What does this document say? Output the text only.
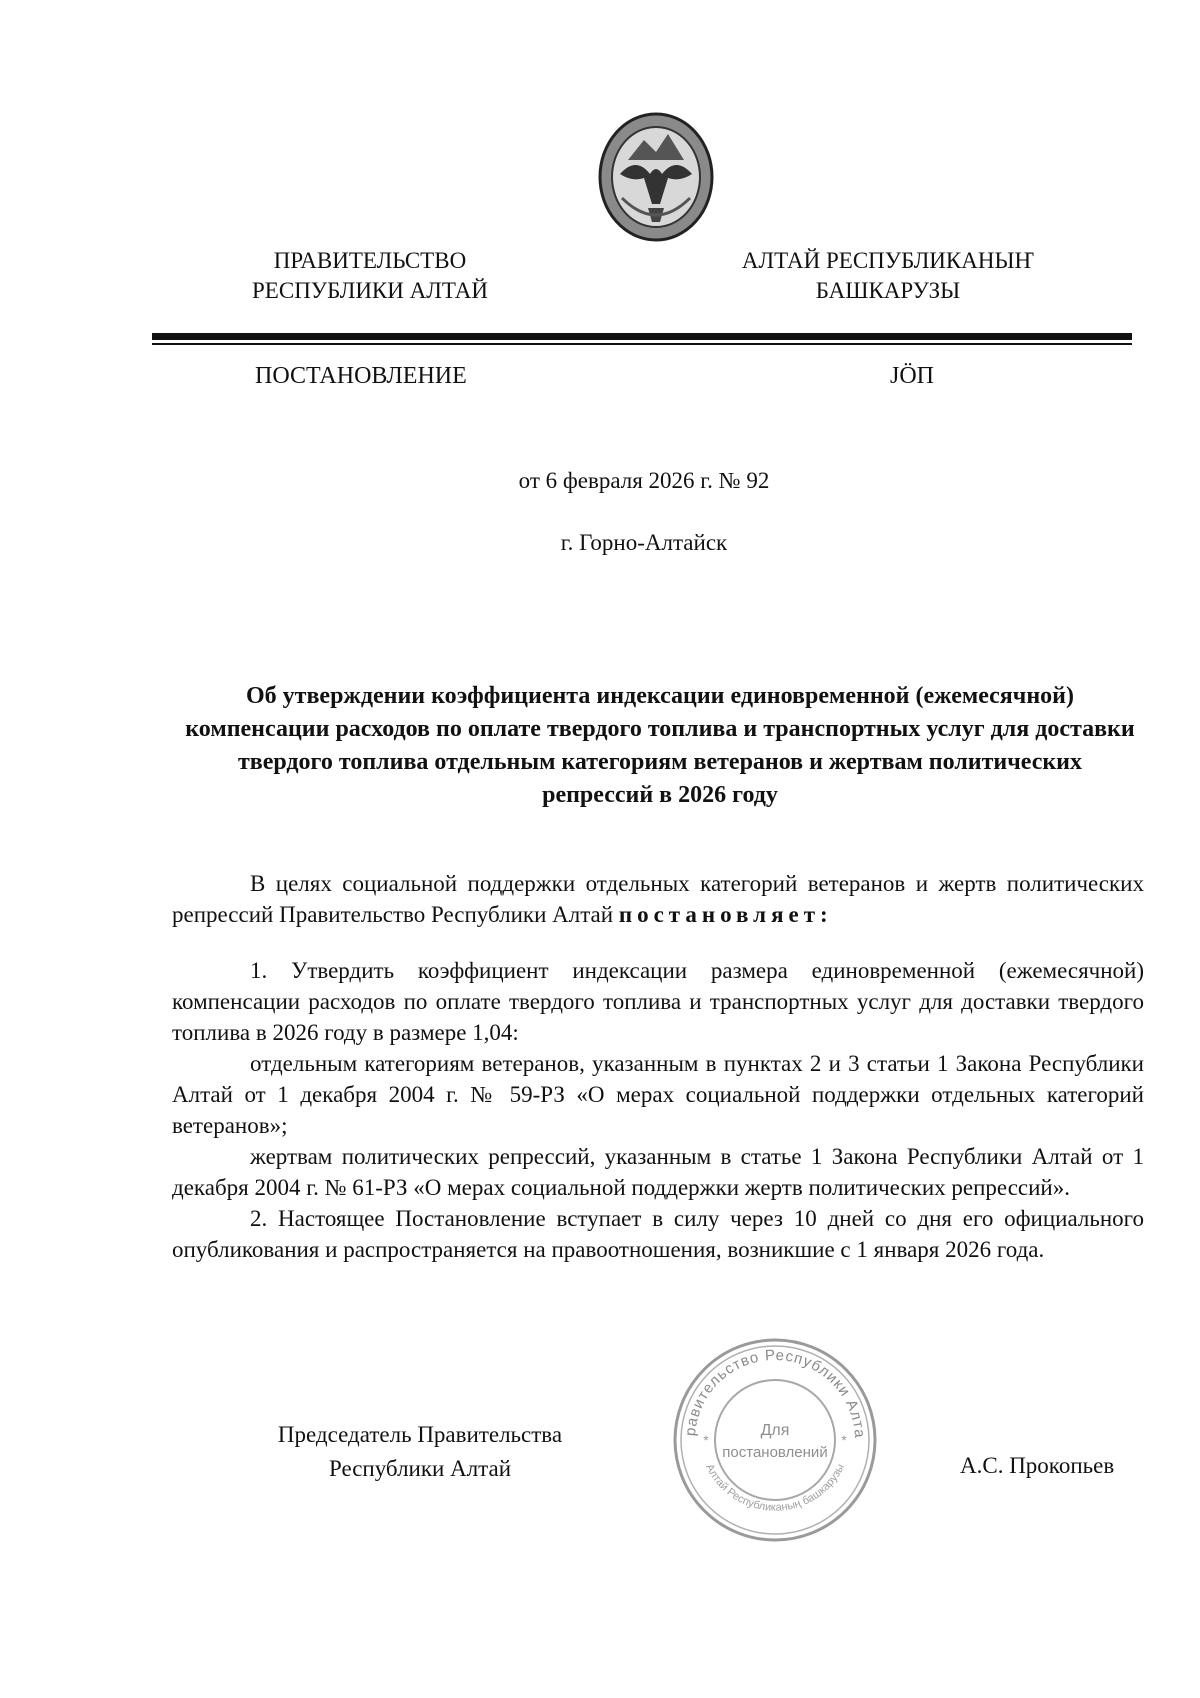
ПРАВИТЕЛЬСТВО
РЕСПУБЛИКИ АЛТАЙ
АЛТАЙ РЕСПУБЛИКАНЫҤ
БАШКАРУЗЫ
ПОСТАНОВЛЕНИЕ	JӦП
от 6 февраля 2026 г. № 92
г. Горно-Алтайск
Об утверждении коэффициента индексации единовременной (ежемесячной)
компенсации расходов по оплате твердого топлива и транспортных услуг для доставки
твердого топлива отдельным категориям ветеранов и жертвам политических
репрессий в 2026 году

В целях социальной поддержки отдельных категорий ветеранов и жертв политических репрессий Правительство Республики Алтай постановляет:

1. Утвердить коэффициент индексации размера единовременной (ежемесячной) компенсации расходов по оплате твердого топлива и транспортных услуг для доставки твердого топлива в 2026 году в размере 1,04:

отдельным категориям ветеранов, указанным в пунктах 2 и 3 статьи 1 Закона Республики Алтай от 1 декабря 2004 г. № 59-РЗ «О мерах социальной поддержки отдельных категорий ветеранов»;

жертвам политических репрессий, указанным в статье 1 Закона Республики Алтай от 1 декабря 2004 г. № 61-РЗ «О мерах социальной поддержки жертв политических репрессий».

2. Настоящее Постановление вступает в силу через 10 дней со дня его официального опубликования и распространяется на правоотношения, возникшие с 1 января 2026 года.

Председатель Правительства
Республики Алтай	А.С. Прокопьев
равительство Республики Алта
Алтай Республиканың башкарузы
Для
постановлений
*	*
